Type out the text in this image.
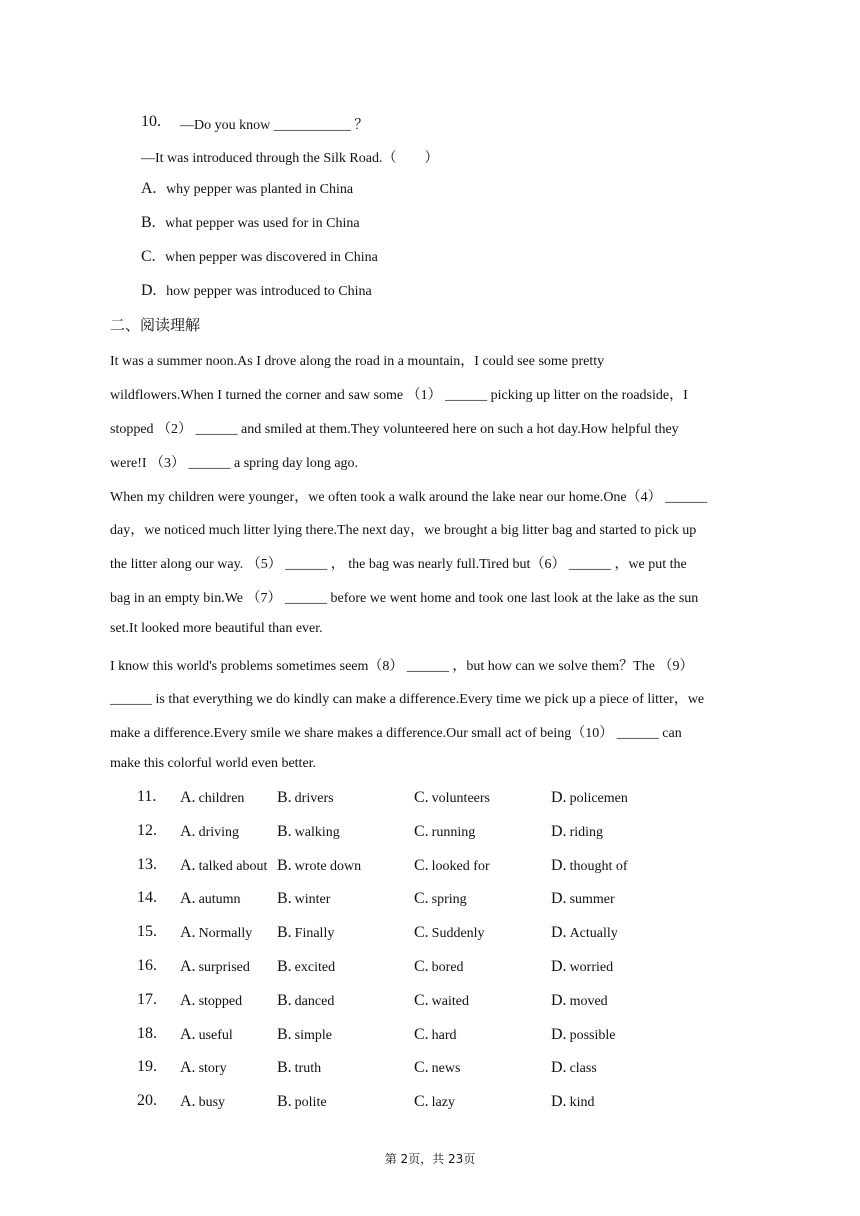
10. —Do you know ___________ ？
—It was introduced through the Silk Road.（　　）
A. why pepper was planted in China
B. what pepper was used for in China
C. when pepper was discovered in China
D. how pepper was introduced to China
二、阅读理解
It was a summer noon.As I drove along the road in a mountain，I could see some pretty
wildflowers.When I turned the corner and saw some （1） ______ picking up litter on the roadside，I
stopped （2） ______ and smiled at them.They volunteered here on such a hot day.How helpful they
were!I （3） ______ a spring day long ago.
When my children were younger，we often took a walk around the lake near our home.One（4） ______
day，we noticed much litter lying there.The next day，we brought a big litter bag and started to pick up
the litter along our way. （5） ______ ， the bag was nearly full.Tired but（6） ______ ，we put the
bag in an empty bin.We （7） ______ before we went home and took one last look at the lake as the sun
set.It looked more beautiful than ever.
I know this world's problems sometimes seem（8） ______ ，but how can we solve them？The （9）
______ is that everything we do kindly can make a difference.Every time we pick up a piece of litter，we
make a difference.Every smile we share makes a difference.Our small act of being（10） ______ can
make this colorful world even better.
11. A. children B. drivers	C. volunteers	D. policemen
12. A. driving B. walking	C. running	D. riding
13. A. talked about B. wrote down	C. looked for	D. thought of
14. A. autumn B. winter	C. spring	D. summer
15. A. Normally B. Finally	C. Suddenly	D. Actually
16. A. surprised B. excited	C. bored	D. worried
17. A. stopped B. danced	C. waited	D. moved
18. A. useful	B. simple	C. hard	D. possible
19. A. story	B. truth	C. news	D. class
20. A. busy	B. polite	C. lazy	D. kind
第 2页，共 23页
